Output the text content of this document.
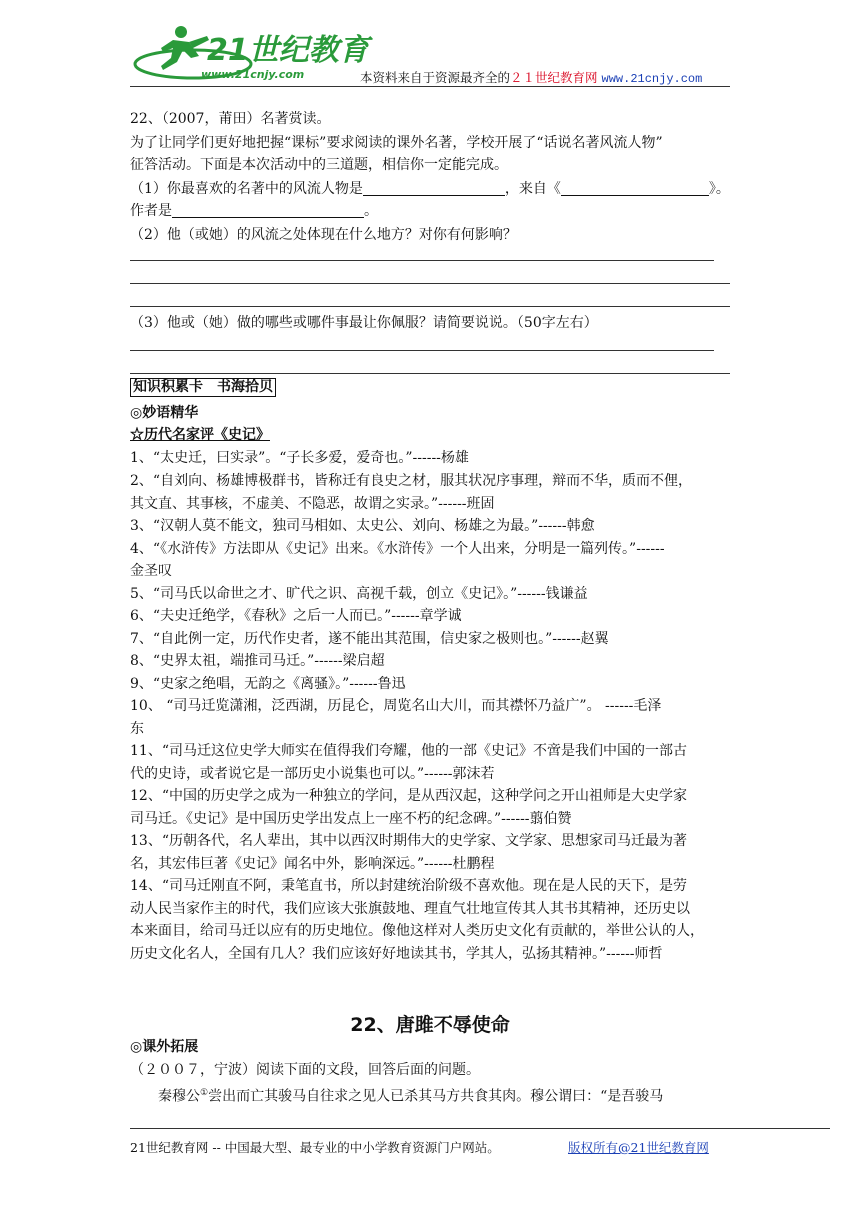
21世纪教育
www.21cnjy.com	本资料来自于资源最齐全的２１世纪教育网 www.21cnjy.com
22、（2007，莆田）名著赏读。
为了让同学们更好地把握“课标”要求阅读的课外名著，学校开展了“话说名著风流人物”
征答活动。下面是本次活动中的三道题，相信你一定能完成。
（1）你最喜欢的名著中的风流人物是	，来自《	》。
作者是	。
（2）他（或她）的风流之处体现在什么地方？对你有何影响？
（3）他或（她）做的哪些或哪件事最让你佩服？请简要说说。（50字左右）
知识积累卡　书海拾贝
◎妙语精华
☆历代名家评《史记》
1、“太史迁，曰实录”。“子长多爱，爱奇也。”------杨雄
2、“自刘向、杨雄博极群书，皆称迁有良史之材，服其状况序事理，辩而不华，质而不俚，
其文直、其事核，不虚美、不隐恶，故谓之实录。”------班固
3、“汉朝人莫不能文，独司马相如、太史公、刘向、杨雄之为最。”------韩愈
4、“《水浒传》方法即从《史记》出来。《水浒传》一个人出来，分明是一篇列传。”------
金圣叹
5、“司马氏以命世之才、旷代之识、高视千载，创立《史记》。”------钱谦益
6、“夫史迁绝学，《春秋》之后一人而已。”------章学诚
7、“自此例一定，历代作史者，遂不能出其范围，信史家之极则也。”------赵翼
8、“史界太祖，端推司马迁。”------梁启超
9、“史家之绝唱，无韵之《离骚》。”------鲁迅
10、 “司马迁览潇湘，泛西湖，历昆仑，周览名山大川，而其襟怀乃益广”。 ------毛泽
东
11、“司马迁这位史学大师实在值得我们夸耀，他的一部《史记》不啻是我们中国的一部古
代的史诗，或者说它是一部历史小说集也可以。”------郭沫若
12、“中国的历史学之成为一种独立的学问，是从西汉起，这种学问之开山祖师是大史学家
司马迁。《史记》是中国历史学出发点上一座不朽的纪念碑。”------翦伯赞
13、“历朝各代，名人辈出，其中以西汉时期伟大的史学家、文学家、思想家司马迁最为著
名，其宏伟巨著《史记》闻名中外，影响深远。”------杜鹏程
14、“司马迁刚直不阿，秉笔直书，所以封建统治阶级不喜欢他。现在是人民的天下，是劳
动人民当家作主的时代，我们应该大张旗鼓地、理直气壮地宣传其人其书其精神，还历史以
本来面目，给司马迁以应有的历史地位。像他这样对人类历史文化有贡献的，举世公认的人，
历史文化名人，全国有几人？我们应该好好地读其书，学其人，弘扬其精神。”------师哲
22、唐雎不辱使命
◎课外拓展
（２００７，宁波）阅读下面的文段，回答后面的问题。
秦穆公①尝出而亡其骏马自往求之见人已杀其马方共食其肉。穆公谓曰：“是吾骏马
21世纪教育网 -- 中国最大型、最专业的中小学教育资源门户网站。	版权所有@21世纪教育网
